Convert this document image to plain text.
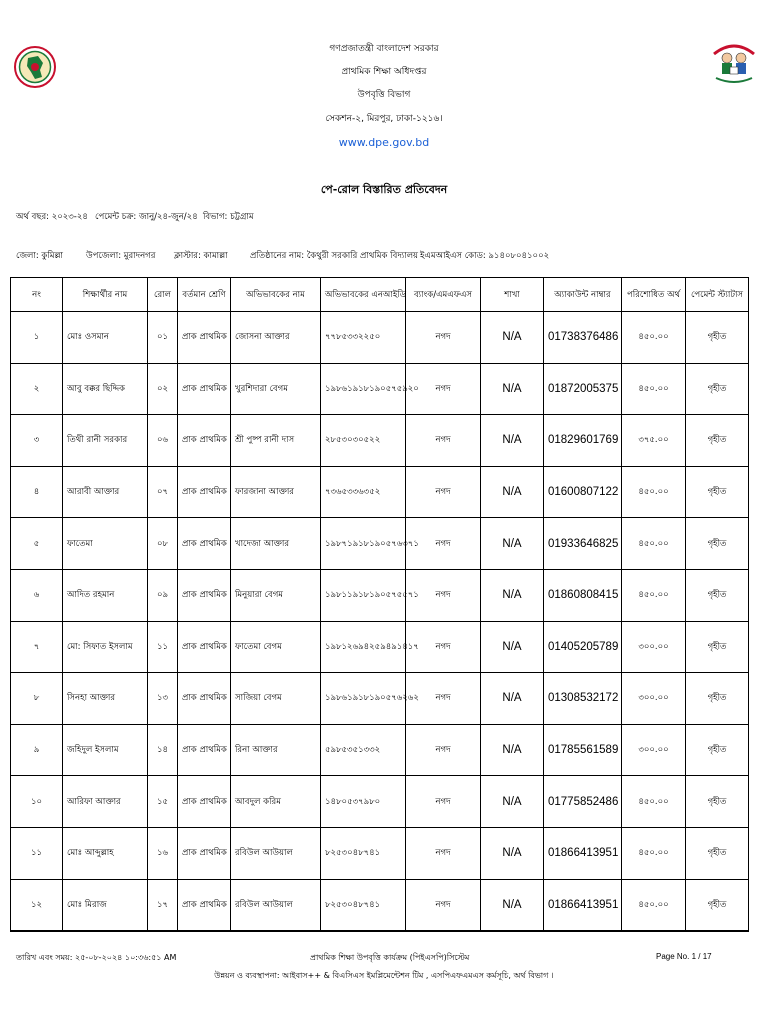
গণপ্রজাতন্ত্রী বাংলাদেশ সরকার
প্রাথমিক শিক্ষা অধিদপ্তর
উপবৃত্তি বিভাগ
সেকশন-২, মিরপুর, ঢাকা-১২১৬।
www.dpe.gov.bd
পে-রোল বিস্তারিত প্রতিবেদন
অর্থ বছর: ২০২৩-২৪ পেমেন্ট চক্র: জানু/২৪-জুন/২৪ বিভাগ: চট্টগ্রাম
জেলা: কুমিল্লা	উপজেলা: মুরাদনগর ক্লাস্টার: কামাল্লা	প্রতিষ্ঠানের নাম: কৈথুরী সরকারি প্রাথমিক বিদ্যালয় ইএমআইএস কোড: ৯১৪০৮০৪১০০২
নং	শিক্ষার্থীর নাম	রোল	বর্তমান শ্রেণি	অভিভাবকের নাম	অভিভাবকের এনআইডি	ব্যাংক/এমএফএস	শাখা	অ্যাকাউন্ট নাম্বার	পরিশোধিত অর্থ	পেমেন্ট স্ট্যাটাস
১	মোঃ ওসমান	০১	প্রাক প্রাথমিক	জোসনা আক্তার	৭৭৮৫৩৩২২৫০	নগদ	N/A	01738376486	৪৫০.০০	গৃহীত
২	আবু বক্কর ছিদ্দিক	০২	প্রাক প্রাথমিক	খুরশিদারা বেগম	১৯৮৬১৯১৮১৯০৫৭৫৯২০	নগদ	N/A	01872005375	৪৫০.০০	গৃহীত
৩	তিথী রানী সরকার	০৬	প্রাক প্রাথমিক	শ্রী পুষ্প রানী দাস	২৮৫৩০৩০৫২২	নগদ	N/A	01829601769	৩৭৫.০০	গৃহীত
৪	আরাবী আক্তার	০৭	প্রাক প্রাথমিক	ফারজানা আক্তার	৭৩৬৫৩৩৬৩৫২	নগদ	N/A	01600807122	৪৫০.০০	গৃহীত
৫	ফাতেমা	০৮	প্রাক প্রাথমিক	খাদেজা আক্তার	১৯৮৭১৯১৮১৯০৫৭৬৩৭১	নগদ	N/A	01933646825	৪৫০.০০	গৃহীত
৬	আদিত রহমান	০৯	প্রাক প্রাথমিক	মিনুয়ারা বেগম	১৯৮১১৯১৮১৯০৫৭৫৫৭১	নগদ	N/A	01860808415	৪৫০.০০	গৃহীত
৭	মো: সিফাত ইসলাম	১১	প্রাক প্রাথমিক	ফাতেমা বেগম	১৯৮১২৬৯৪২৫৯৪৯১৪১৭	নগদ	N/A	01405205789	৩০০.০০	গৃহীত
৮	সিনহা আক্তার	১৩	প্রাক প্রাথমিক	সাজিয়া বেগম	১৯৮৬১৯১৮১৯০৫৭৬২৬২	নগদ	N/A	01308532172	৩০০.০০	গৃহীত
৯	জহিদুল ইসলাম	১৪	প্রাক প্রাথমিক	রিনা আক্তার	৫৯৮৫৩৫১৩৩২	নগদ	N/A	01785561589	৩০০.০০	গৃহীত
১০	আরিফা আক্তার	১৫	প্রাক প্রাথমিক	আবদুল করিম	১৪৮০৫৩৭৯৮০	নগদ	N/A	01775852486	৪৫০.০০	গৃহীত
১১	মোঃ আব্দুল্লাহ	১৬	প্রাক প্রাথমিক	রবিউল আউয়াল	৮২৫৩০৪৮৭৪১	নগদ	N/A	01866413951	৪৫০.০০	গৃহীত
১২	মোঃ মিরাজ	১৭	প্রাক প্রাথমিক	রবিউল আউয়াল	৮২৫৩০৪৮৭৪১	নগদ	N/A	01866413951	৪৫০.০০	গৃহীত
তারিখ এবং সময়: ২৫-০৮-২০২৪ ১০:৩৬:৫১ AM	প্রাথমিক শিক্ষা উপবৃত্তি কার্যক্রম (পিইএসপি)সিস্টেম	Page No. 1 / 17
উন্নয়ন ও ব্যবস্থাপনা: আইবাস++ & বিএসিএস ইমপ্লিমেন্টেশন টিম , এসপিএফএমএস কর্মসূচি, অর্থ বিভাগ ।
